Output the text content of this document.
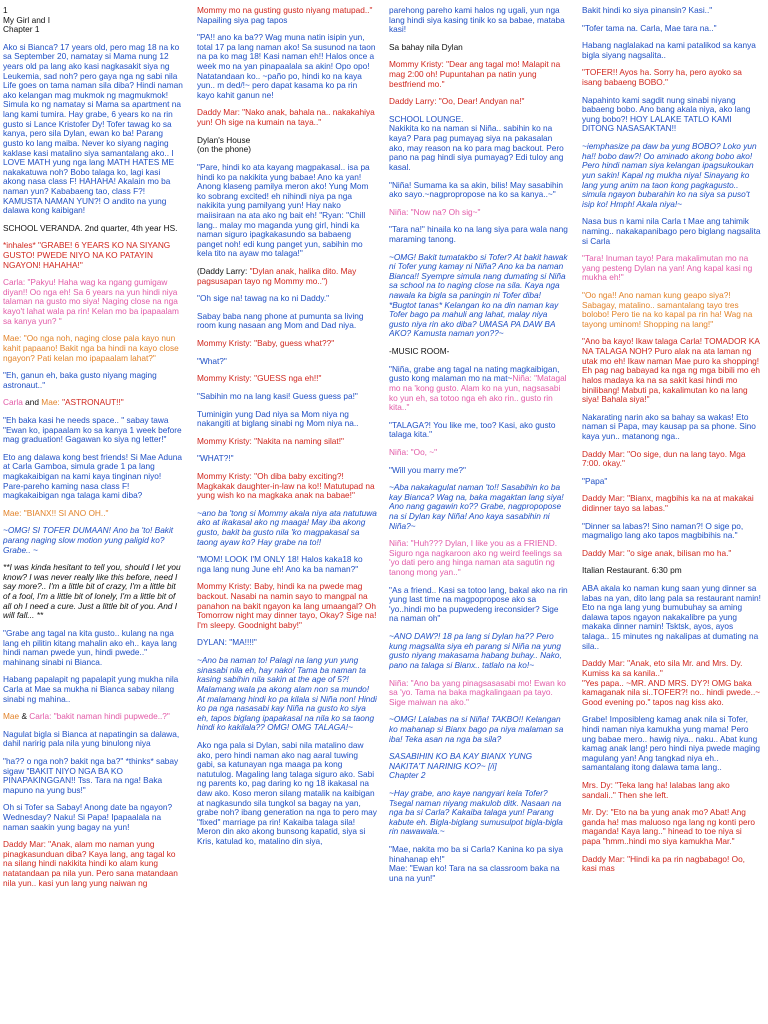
1
My Girl and I
Chapter 1

Ako si Bianca? 17 years old, pero mag 18 na ko sa September 20, namatay si Mama nung 12 years old pa lang ako kasi nagkasakit siya ng Leukemia, sad noh? pero gaya nga ng sabi nila Life goes on tama naman sila diba? Hindi naman ako kelangan mag mukmok ng magmukmok! Simula ko ng namatay si Mama sa apartment na lang kami tumira. Hay grabe, 6 years ko na rin gusto si Lance Kristofer Dy! Tofer tawag ko sa kanya, pero sila Dylan, ewan ko ba! Parang gusto ko lang maiba. Never ko siyang naging kaklase kasi matalino siya samantalang ako.. I LOVE MATH yung nga lang MATH HATES ME nakakatuwa noh? Bobo talaga ko, lagi kasi akong nasa class F! HAHAHA! Akalain mo ba naman yun? Kababaeng tao, class F?! KAMUSTA NAMAN YUN?! O andito na yung dalawa kong kaibigan!

SCHOOL VERANDA. 2nd quarter, 4th year HS.

*inhales* "GRABE! 6 YEARS KO NA SIYANG GUSTO! PWEDE NIYO NA KO PATAYIN NGAYON! HAHAHA!"

Carla: "Pakyu! Haha wag ka ngang gumigaw diyan!! Oo nga eh! Sa 6 years na yun hindi niya talaman na gusto mo siya! Naging close na nga kayo't lahat wala pa rin! Kelan mo ba ipapaalam sa kanya yun? "

Mae: "Oo nga noh, naging close pala kayo nun kahit papaano! Bakit nga ba hindi na kayo close ngayon? Pati kelan mo ipapaalam lahat?"

"Eh, ganun eh, baka gusto niyang maging astronaut.."

Carla and Mae: "ASTRONAUT!!"

"Eh baka kasi he needs space.. " sabay tawa "Ewan ko, ipapaalam ko sa kanya 1 week before mag graduation! Gagawan ko siya ng letter!"

Eto ang dalawa kong best friends! Si Mae Aduna at Carla Gamboa, simula grade 1 pa lang magkakaibigan na kami kaya tinginan niyo! Pare-pareho kaming nasa class F! magkakaibigan nga talaga kami diba?

Mae: "BIANX!! SI ANO OH.."

~OMG! SI TOFER DUMAAN! Ano ba 'to! Bakit parang naging slow motion yung paligid ko? Grabe.. ~

**I was kinda hesitant to tell you, should I let you know? I was never really like this before, need I say more?.. I'm a little bit of crazy, I'm a little bit of a fool, I'm a little bit of lonely, I'm a little bit of all oh I need a cure. Just a little bit of you. And I will fall... **

"Grabe ang tagal na kita gusto.. kulang na nga lang eh pilitin kitang mahalin ako eh.. kaya lang hindi naman pwede yun, hindi pwede.." mahinang sinabi ni Bianca.

Habang papalapit ng papalapit yung mukha nila Carla at Mae sa mukha ni Bianca sabay nilang sinabi ng mahina..

Mae & Carla: "bakit naman hindi pupwede..?"

Nagulat bigla si Bianca at napatingin sa dalawa, dahil naririg pala nila yung binulong niya

"ha?? o nga noh? bakit nga ba?" *thinks* sabay sigaw "BAKIT NIYO NGA BA KO PINAPAKINGGAN!! Tss. Tara na nga! Baka mapuno na yung bus!"

Oh si Tofer sa Sabay! Anong date ba ngayon? Wednesday? Naku! Si Papa! Ipapaalala na naman saakin yung bagay na yun!

Daddy Mar: "Anak, alam mo naman yung pinagkasunduan diba? Kaya lang, ang tagal ko na silang hindi nakikita hindi ko alam kung natatandaan pa nila yun. Pero sana matandaan nila yun.. kasi yun lang yung naiwan ng

Mommy mo na gusting gusto niyang matupad.." Napailing siya pag tapos

"PA!! ano ka ba?? Wag muna natin isipin yun, total 17 pa lang naman ako! Sa susunod na taon na pa ko mag 18! Kasi naman eh!! Halos once a week mo na yan pinapaalala sa akin! Opo opo! Natatandaan ko.. ~paño po, hindi ko na kaya yun.. m ded/!~ pero dapat kasama ko pa rin kayo kahit ganun ne!

Daddy Mar: "Nako anak, bahala na.. nakakahiya yun! Oh sige na kumain na taya.."

Dylan's House
(on the phone)

"Pare, hindi ko ata kayang magpakasal.. isa pa hindi ko pa nakikita yung babae! Ano ka yan! Anong klaseng pamilya meron ako! Yung Mom ko sobrang excited! eh nihindi niya pa nga nakikita yung pamilyang yun! Hay nako maiisiraan na ata ako ng bait eh! "Ryan: "Chill lang.. malay mo maganda yung girl, hindi ka naman siguro ipagkakasundo sa babaeng panget noh! edi kung panget yun, sabihin mo kela tito na ayaw mo talaga!"

(Daddy Larry: "Dylan anak, halika dito. May pagsusapan tayo ng Mommy mo..")

"Oh sige na! tawag na ko ni Daddy."

Sabay baba nang phone at pumunta sa living room kung nasaan ang Mom and Dad niya.

Mommy Kristy: "Baby, guess what??"

"What?"

Mommy Kristy: "GUESS nga eh!!"

"Sabihin mo na lang kasi! Guess guess pa!"

Tuminigin yung Dad niya sa Mom niya ng nakangiti at biglang sinabi ng Mom niya na..

Mommy Kristy: "Nakita na naming silat!"

"WHAT?!"

Mommy Kristy: "Oh diba baby exciting?! Magkakak daughter-in-law na ko!! Matutupad na yung wish ko na magkaka anak na babae!"

~ano ba 'tong si Mommy akala niya ata natutuwa ako at ikakasal ako ng maaga! May iba akong gusto, bakit ba gusto nila 'ko magpakasal sa taong ayaw ko? Hay grabe na to!!

"MOM! LOOK I'M ONLY 18! Halos kaka18 ko nga lang nung June eh! Ano ka ba naman?"

Mommy Kristy: Baby, hindi ka na pwede mag backout. Nasabi na namin sayo to mangpal na panahon na bakit ngayon ka lang umaangal? Oh Tomorrow night may dinner tayo, Okay? Sige na! I'm sleepy. Goodnight baby!"

DYLAN: "MA!!!!"

~Ano ba naman to! Palagi na lang yun yung sinasabi nila eh, hay nako! Tama ba naman ta kasing sabihin nila sakin at the age of 5?! Malamang wala pa akong alam non sa mundo! At malamang hindi ko pa kilala si Niña non! Hindi ko pa nga nasasabi kay Niña na gusto ko siya eh, tapos biglang ipapakasal na nila ko sa taong hindi ko kakilala?? OMG! OMG TALAGA!~

Ako nga pala si Dylan, sabi nila matalino daw ako, pero hindi naman ako nag aaral tuwing gabi, sa katunayan nga maaga pa kong natutulog. Magaling lang talaga siguro ako. Sabi ng parents ko, pag daring ko ng 18 ikakasal na daw ako. Koso meron silang matalik na kaibigan at nagkasundo sila tungkol sa bagay na yan, grabe noh? ibang generation na nga to pero may "fixed" marriage pa rin! Kakaiba talaga sila! Meron din ako akong bunsong kapatid, siya si Kris, katulad ko, matalino din siya,

parehong pareho kami halos ng ugali, yun nga lang hindi siya kasing tinik ko sa babae, mataba kasi!

Sa bahay nila Dylan

Mommy Kristy: "Dear ang tagal mo! Malapit na mag 2:00 oh! Pupuntahan pa natin yung bestfriend mo."

Daddy Larry: "Oo, Dear! Andyan na!"

SCHOOL LOUNGE.
Nakikita ko na naman si Niña.. sabihin ko na kaya? Para pag pumayag siya na pakasalan ako, may reason na ko para mag backout. Pero pano na pag hindi siya pumayag? Edi tuloy ang kasal.

"Niña! Sumama ka sa akin, bilis! May sasabihin ako sayo.~nagpropropose na ko sa kanya..~"

Niña: "Now na? Oh sig~"

"Tara na!" hinaila ko na lang siya para wala nang maraming tanong.

~OMG! Bakit tumatakbo si Tofer? At bakit hawak ni Tofer yung kamay ni Niña? Ano ka ba naman Bianca!! Syempre simula nang dumating si Niña sa school na to naging close na sila. Kaya nga nawala ka bigla sa paningin ni Tofer diba! *Bugtot tanas* Kelangan ko na din naman kay Tofer bago pa mahuli ang lahat, malay niya gusto niya rin ako diba? UMASA PA DAW BA AKO? Kamusta naman yon??~

-MUSIC ROOM-

"Niña, grabe ang tagal na nating magkaibigan, gusto kong malaman mo na mat~Niña: "Matagal mo na 'kong gusto. Alam ko na yun, nagsasabi ko yun eh, sa totoo nga eh ako rin.. gusto rin kita.."

"TALAGA?! You like me, too? Kasi, ako gusto talaga kita."

Niña: "Oo, ~"

"Will you marry me?"

~Aba nakakagulat naman 'to!! Sasabihin ko ba kay Bianca? Wag na, baka magaktan lang siya! Ano nang gagawin ko?? Grabe, nagpropopose na si Dylan kay Niña! Ano kaya sasabihin ni Niña?~

Niña: "Huh??? Dylan, I like you as a FRIEND. Siguro nga nagkaroon ako ng weird feelings sa 'yo dati pero ang hinga naman ata sagutin ng tanong mong yan.."

"As a friend.. Kasi sa totoo lang, bakal ako na rin yung last time na magpopropose ako sa 'yo..hindi mo ba pupwedeng ireconsider? Sige na naman oh"

~ANO DAW?! 18 pa lang si Dylan ha?? Pero kung magsalita siya eh parang si Niña na yung gusto niyang makasama habang buhay.. Nako, pano na talaga si Bianx.. tatlalo na ko!~

Niña: "Ano ba yang pinagsasasabi mo! Ewan ko sa 'yo. Tama na baka magkalingaan pa tayo. Sige maiwan na ako."

~OMG! Lalabas na si Niña! TAKBO!! Kelangan ko mahanap si Bianx bago pa niya malaman sa iba! Teka asan na nga ba sila?

SASABIHIN KO BA KAY BIANX YUNG NAKITA'T NARINIG KO?~ [/i]
Chapter 2

~Hay grabe, ano kaye nangyari kela Tofer? Tsegal naman niyang makulob ditk. Nasaan na nga ba si Carla? Kakaiba talaga yun! Parang kabute eh. Bigla-biglang sumusulpot bigla-bigla rin nawawala.~

"Mae, nakita mo ba si Carla? Kanina ko pa siya hinahanap eh!"
Mae: "Ewan ko! Tara na sa classroom baka na una na yun!"

Bakit hindi ko siya pinansin? Kasi.."

"Tofer tama na. Carla, Mae tara na.."

Habang naglalakad na kami patalikod sa kanya bigla siyang nagsalita..

"TOFER!! Ayos ha. Sorry ha, pero ayoko sa isang babaeng BOBO."

Napahinto kami sagdit nung sinabi niyang babaeng bobo. Ano bang akala niya, ako lang yung bobo?! HOY LALAKE TATLO KAMI DITONG NASASAKTAN!!

~iemphasize pa daw ba yung BOBO? Loko yun ha!! bobo daw?! Oo aminado akong bobo ako! Pero hindi naman siya kelangan ipagsukoukan yun sakin! Kapal ng mukha niya! Sinayang ko lang yung anim na taon kong pagkagusto.. simula ngayon bubarahin ko na siya sa puso't isip ko! Hmph! Akala niya!~

Nasa bus n kami nila Carla t Mae ang tahimik naming.. nakakapanibago pero biglang nagsalita si Carla

"Tara! Inuman tayo! Para makalimutan mo na yang pesteng Dylan na yan! Ang kapal kasi ng mukha eh!"

"Oo nga!! Ano naman kung geapo siya?! Sabagay, matalino.. samantalang tayo tres bolobo! Pero tie na ko kapal pa rin ha! Wag na tayong uminom! Shopping na lang!"

"Ano ba kayo! Ikaw talaga Carla! TOMADOR KA NA TALAGA NOH? Puro alak na ata laman ng utak mo eh! Ikaw naman Mae puro ka shopping! Eh pag nag babayad ka nga ng mga bibili mo eh halos madaya ka na sa sakit kasi hindi mo binilibang! Mabuti pa, kakalimutan ko na lang siya! Bahala siya!"

Nakarating narin ako sa bahay sa wakas! Eto naman si Papa, may kausap pa sa phone. Sino kaya yun.. matanong nga..

Daddy Mar: "Oo sige, dun na lang tayo. Mga 7:00. okay."

"Papa"

Daddy Mar: "Bianx, magbihis ka na at makakai didinner tayo sa labas."

"Dinner sa labas?! Sino naman?! O sige po, magmaligo lang ako tapos magbibihis na."

Daddy Mar: "o sige anak, bilisan mo ha."

Italian Restaurant. 6:30 pm

ABA akala ko naman kung saan yung dinner sa labas na yan, dito lang pala sa restaurant namin! Eto na nga lang yung bumubuhay sa aming dalawa tapos ngayon nakakalibre pa yung makaka dinner namin! Tsktsk, ayos, ayos talaga.. 15 minutes ng nakalipas at dumating na sila..

Daddy Mar: "Anak, eto sila Mr. and Mrs. Dy. Kumiss ka sa kanila.."
"Yes papa.. ~MR. AND MRS. DY?! OMG bakа kamaganak nila si..TOFER?! no.. hindi pwede..~ Good evening po." tapos nag kiss ako.

Grabe! Imposibleng kamag anak nila si Tofer, hindi naman niya kamukha yung mama! Pero ung babae mero.. hawig niya.. naku.. Abat kung kamag anak lang! pero hindi niya pwede maging magulang yan! Ang tangkad niya eh.. samantalang itong dalawa tama lang..

Mrs. Dy: "Teka lang ha! lalabas lang ako sandali.." Then she left.

Mr. Dy: "Eto na ba yung anak mo? Abat! Ang ganda ha! mas maluoso nga lang ng konti pero maganda! Kaya lang.." hinead to toe niya si papa "hmm..hindi mo siya kamukha Mar."

Daddy Mar: "Hindi ka pa rin nagbabago! Oo, kasi mas
